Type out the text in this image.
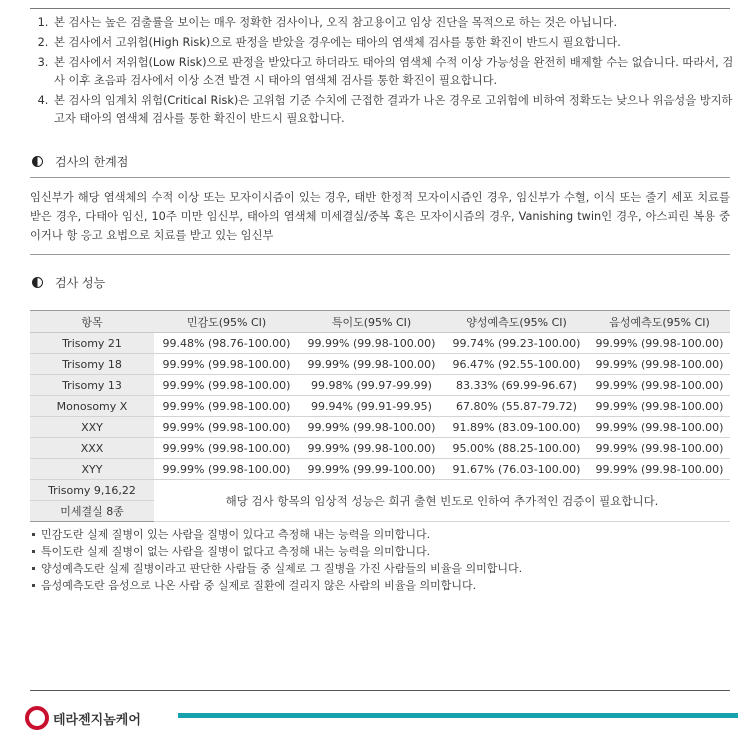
1. 본 검사는 높은 검출률을 보이는 매우 정확한 검사이나, 오직 참고용이고 임상 진단을 목적으로 하는 것은 아닙니다.
2. 본 검사에서 고위험(High Risk)으로 판정을 받았을 경우에는 태아의 염색체 검사를 통한 확진이 반드시 필요합니다.
3. 본 검사에서 저위험(Low Risk)으로 판정을 받았다고 하더라도 태아의 염색체 수적 이상 가능성을 완전히 배제할 수는 없습니다. 따라서, 검사 이후 초음파 검사에서 이상 소견 발견 시 태아의 염색체 검사를 통한 확진이 필요합니다.
4. 본 검사의 임계치 위험(Critical Risk)은 고위험 기준 수치에 근접한 결과가 나온 경우로 고위험에 비하여 정확도는 낮으나 위음성을 방지하고자 태아의 염색체 검사를 통한 확진이 반드시 필요합니다.
검사의 한계점
임신부가 해당 염색체의 수적 이상 또는 모자이시즘이 있는 경우, 태반 한정적 모자이시즘인 경우, 임신부가 수혈, 이식 또는 줄기 세포 치료를 받은 경우, 다태아 임신, 10주 미만 임신부, 태아의 염색체 미세결실/중복 혹은 모자이시즘의 경우, Vanishing twin인 경우, 아스피린 복용 중이거나 항 응고 요법으로 치료를 받고 있는 임신부
검사 성능
항목	민감도(95% CI)	특이도(95% CI)	양성예측도(95% CI)	음성예측도(95% CI)
Trisomy 21	99.48% (98.76-100.00)	99.99% (99.98-100.00)	99.74% (99.23-100.00)	99.99% (99.98-100.00)
Trisomy 18	99.99% (99.98-100.00)	99.99% (99.98-100.00)	96.47% (92.55-100.00)	99.99% (99.98-100.00)
Trisomy 13	99.99% (99.98-100.00)	99.98% (99.97-99.99)	83.33% (69.99-96.67)	99.99% (99.98-100.00)
Monosomy X	99.99% (99.98-100.00)	99.94% (99.91-99.95)	67.80% (55.87-79.72)	99.99% (99.98-100.00)
XXY	99.99% (99.98-100.00)	99.99% (99.98-100.00)	91.89% (83.09-100.00)	99.99% (99.98-100.00)
XXX	99.99% (99.98-100.00)	99.99% (99.98-100.00)	95.00% (88.25-100.00)	99.99% (99.98-100.00)
XYY	99.99% (99.98-100.00)	99.99% (99.99-100.00)	91.67% (76.03-100.00)	99.99% (99.98-100.00)
Trisomy 9,16,22	해당 검사 항목의 임상적 성능은 희귀 출현 빈도로 인하여 추가적인 검증이 필요합니다.			
미세결실 8종				
민감도란 실제 질병이 있는 사람을 질병이 있다고 측정해 내는 능력을 의미합니다.
특이도란 실제 질병이 없는 사람을 질병이 없다고 측정해 내는 능력을 의미합니다.
양성예측도란 실제 질병이라고 판단한 사람들 중 실제로 그 질병을 가진 사람들의 비율을 의미합니다.
음성예측도란 음성으로 나온 사람 중 실제로 질환에 걸리지 않은 사람의 비율을 의미합니다.
테라젠지놈케어
